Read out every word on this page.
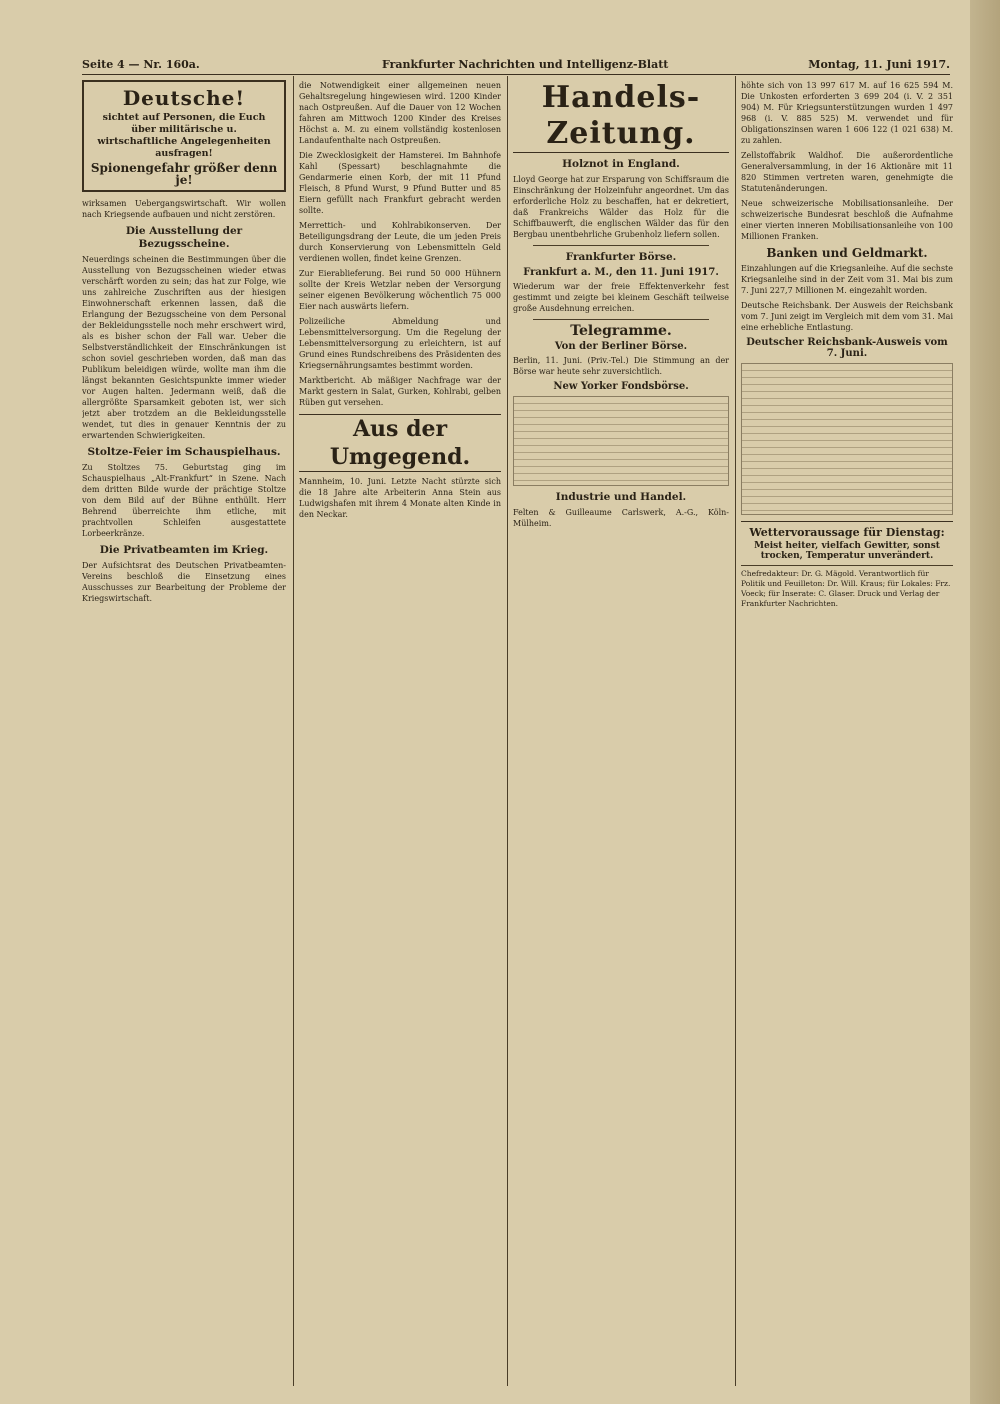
Seite 4 — Nr. 160a.	Frankfurter Nachrichten und Intelligenz-Blatt	Montag, 11. Juni 1917.
Deutsche!

sichtet auf Personen, die Euch über militärische u. wirtschaftliche Angelegenheiten ausfragen!

Spionengefahr größer denn je!

wirksamen Uebergangswirtschaft. Wir wollen nach Kriegsende aufbauen und nicht zerstören.

Die Ausstellung der Bezugsscheine.

Neuerdings scheinen die Bestimmungen über die Ausstellung von Bezugsscheinen wieder etwas verschärft worden zu sein; das hat zur Folge, wie uns zahlreiche Zuschriften aus der hiesigen Einwohnerschaft erkennen lassen, daß die Erlangung der Bezugsscheine von dem Personal der Bekleidungsstelle noch mehr erschwert wird, als es bisher schon der Fall war. Ueber die Selbstverständlichkeit der Einschränkungen ist schon soviel geschrieben worden, daß man das Publikum beleidigen würde, wollte man ihm die längst bekannten Gesichtspunkte immer wieder vor Augen halten. Jedermann weiß, daß die allergrößte Sparsamkeit geboten ist, wer sich jetzt aber trotzdem an die Bekleidungsstelle wendet, tut dies in genauer Kenntnis der zu erwartenden Schwierigkeiten.

Stoltze-Feier im Schauspielhaus.

Zu Stoltzes 75. Geburtstag ging im Schauspielhaus „Alt-Frankfurt“ in Szene. Nach dem dritten Bilde wurde der prächtige Stoltze von dem Bild auf der Bühne enthüllt. Herr Behrend überreichte ihm etliche, mit prachtvollen Schleifen ausgestattete Lorbeerkränze.

Die Privatbeamten im Krieg.

Der Aufsichtsrat des Deutschen Privatbeamten-Vereins beschloß die Einsetzung eines Ausschusses zur Bearbeitung der Probleme der Kriegswirtschaft.

die Notwendigkeit einer allgemeinen neuen Gehaltsregelung hingewiesen wird. 1200 Kinder nach Ostpreußen. Auf die Dauer von 12 Wochen fahren am Mittwoch 1200 Kinder des Kreises Höchst a. M. zu einem vollständig kostenlosen Landaufenthalte nach Ostpreußen.

Die Zwecklosigkeit der Hamsterei. Im Bahnhofe Kahl (Spessart) beschlagnahmte die Gendarmerie einen Korb, der mit 11 Pfund Fleisch, 8 Pfund Wurst, 9 Pfund Butter und 85 Eiern gefüllt nach Frankfurt gebracht werden sollte.

Merrettich- und Kohlrabikonserven. Der Beteiligungsdrang der Leute, die um jeden Preis durch Konservierung von Lebensmitteln Geld verdienen wollen, findet keine Grenzen.

Zur Eierablieferung. Bei rund 50 000 Hühnern sollte der Kreis Wetzlar neben der Versorgung seiner eigenen Bevölkerung wöchentlich 75 000 Eier nach auswärts liefern.

Polizeiliche Abmeldung und Lebensmittelversorgung. Um die Regelung der Lebensmittelversorgung zu erleichtern, ist auf Grund eines Rundschreibens des Präsidenten des Kriegsernährungsamtes bestimmt worden.

Marktbericht. Ab mäßiger Nachfrage war der Markt gestern in Salat, Gurken, Kohlrabi, gelben Rüben gut versehen.

Aus der Umgegend.

Mannheim, 10. Juni. Letzte Nacht stürzte sich die 18 Jahre alte Arbeiterin Anna Stein aus Ludwigshafen mit ihrem 4 Monate alten Kinde in den Neckar.

Handels-Zeitung.
Holznot in England.

Lloyd George hat zur Ersparung von Schiffsraum die Einschränkung der Holzeinfuhr angeordnet. Um das erforderliche Holz zu beschaffen, hat er dekretiert, daß Frankreichs Wälder das Holz für die Schiffbauwerft, die englischen Wälder das für den Bergbau unentbehrliche Grubenholz liefern sollen.

Frankfurter Börse.

Frankfurt a. M., den 11. Juni 1917.

Wiederum war der freie Effektenverkehr fest gestimmt und zeigte bei kleinem Geschäft teilweise große Ausdehnung erreichen.

Telegramme.

Von der Berliner Börse.

Berlin, 11. Juni. (Priv.-Tel.) Die Stimmung an der Börse war heute sehr zuversichtlich.

New Yorker Fondsbörse.

Industrie und Handel.

Felten & Guilleaume Carlswerk, A.-G., Köln-Mülheim.

höhte sich von 13 997 617 M. auf 16 625 594 M. Die Unkosten erforderten 3 699 204 (i. V. 2 351 904) M. Für Kriegsunterstützungen wurden 1 497 968 (i. V. 885 525) M. verwendet und für Obligationszinsen waren 1 606 122 (1 021 638) M. zu zahlen.

Zellstoffabrik Waldhof. Die außerordentliche Generalversammlung, in der 16 Aktionäre mit 11 820 Stimmen vertreten waren, genehmigte die Statutenänderungen.

Neue schweizerische Mobilisationsanleihe. Der schweizerische Bundesrat beschloß die Aufnahme einer vierten inneren Mobilisationsanleihe von 100 Millionen Franken.

Banken und Geldmarkt.

Einzahlungen auf die Kriegsanleihe. Auf die sechste Kriegsanleihe sind in der Zeit vom 31. Mai bis zum 7. Juni 227,7 Millionen M. eingezahlt worden.

Deutsche Reichsbank. Der Ausweis der Reichsbank vom 7. Juni zeigt im Vergleich mit dem vom 31. Mai eine erhebliche Entlastung.

Deutscher Reichsbank-Ausweis vom 7. Juni.

Wettervoraussage für Dienstag:

Meist heiter, vielfach Gewitter, sonst trocken, Temperatur unverändert.

Chefredakteur: Dr. G. Mägold. Verantwortlich für Politik und Feuilleton: Dr. Will. Kraus; für Lokales: Frz. Voeck; für Inserate: C. Glaser. Druck und Verlag der Frankfurter Nachrichten.
